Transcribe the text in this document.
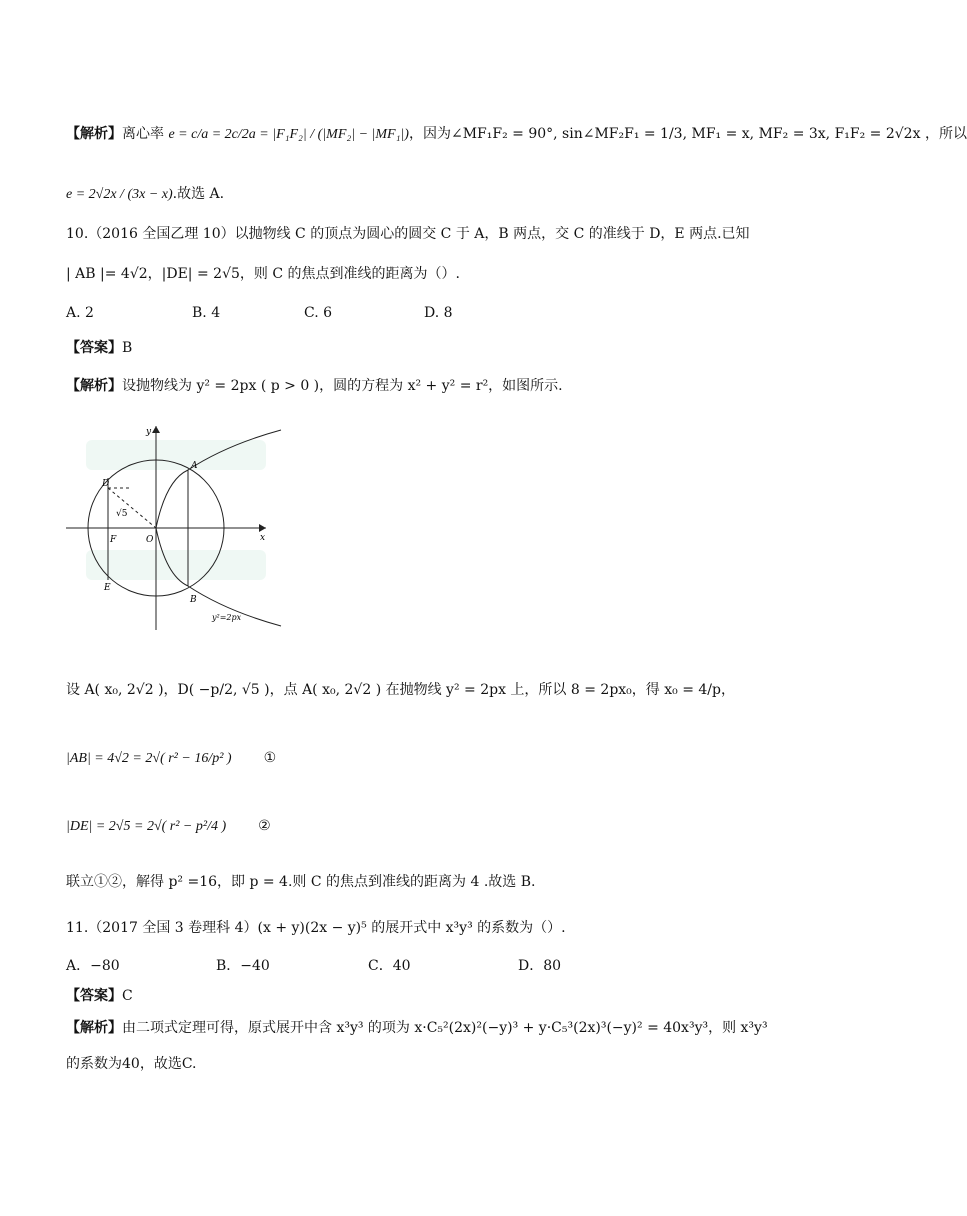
【解析】离心率 e = c/a = 2c/2a = |F₁F₂| / (|MF₂| − |MF₁|)，因为∠MF₁F₂ = 90°, sin∠MF₂F₁ = 1/3, MF₁ = x, MF₂ = 3x, F₁F₂ = 2√2x ，所以
e = 2√2x / (3x − x).故选 A.
10.（2016 全国乙理 10）以抛物线 C 的顶点为圆心的圆交 C 于 A，B 两点，交 C 的准线于 D，E 两点.已知
| AB |= 4√2，|DE| = 2√5，则 C 的焦点到准线的距离为（）.
A. 2	B. 4	C. 6	D. 8
【答案】B
【解析】设抛物线为 y² = 2px ( p > 0 )，圆的方程为 x² + y² = r²，如图所示.
y
x
A
B
D
E
F	O
√5
y²=2px
设 A( x₀, 2√2 )，D( −p/2, √5 )，点 A( x₀, 2√2 ) 在抛物线 y² = 2px 上，所以 8 = 2px₀，得 x₀ = 4/p，
|AB| = 4√2 = 2√( r² − 16/p² ) ①
|DE| = 2√5 = 2√( r² − p²/4 ) ②
联立①②，解得 p² =16，即 p = 4.则 C 的焦点到准线的距离为 4 .故选 B.
11.（2017 全国 3 卷理科 4）(x + y)(2x − y)⁵ 的展开式中 x³y³ 的系数为（）.
A．−80	B．−40	C．40	D．80
【答案】C
【解析】由二项式定理可得，原式展开中含 x³y³ 的项为 x·C₅²(2x)²(−y)³ + y·C₅³(2x)³(−y)² = 40x³y³，则 x³y³
的系数为40，故选C.
